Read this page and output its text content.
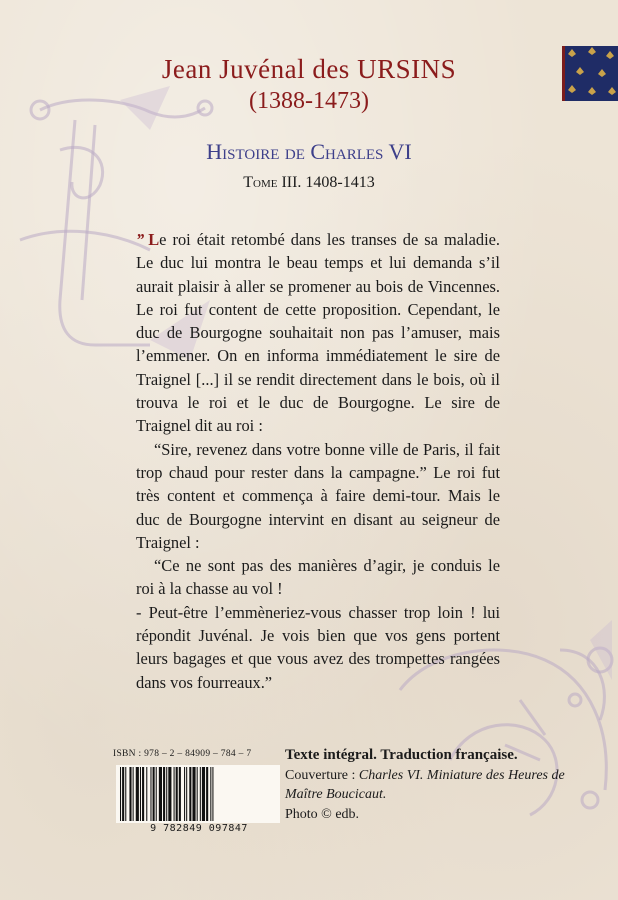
Jean Juvénal des URSINS
(1388-1473)
Histoire de Charles VI
Tome III. 1408-1413

” Le roi était retombé dans les transes de sa maladie. Le duc lui montra le beau temps et lui demanda s’il aurait plaisir à aller se promener au bois de Vincennes. Le roi fut content de cette proposition. Cependant, le duc de Bourgogne souhaitait non pas l’amuser, mais l’emmener. On en informa immédiatement le sire de Traignel [...] il se rendit directement dans le bois, où il trouva le roi et le duc de Bourgogne. Le sire de Traignel dit au roi :

“Sire, revenez dans votre bonne ville de Paris, il fait trop chaud pour rester dans la campagne.” Le roi fut très content et commença à faire demi-tour. Mais le duc de Bourgogne intervint en disant au seigneur de Traignel :

“Ce ne sont pas des manières d’agir, je conduis le roi à la chasse au vol !

- Peut-être l’emmèneriez-vous chasser trop loin ! lui répondit Juvénal. Je vois bien que vos gens portent leurs bagages et que vous avez des trompettes rangées dans vos fourreaux.”

ISBN : 978 – 2 – 84909 – 784 – 7
9 782849 097847
Texte intégral. Traduction française.
Couverture : Charles VI. Miniature des Heures de Maître Boucicaut.
Photo © edb.
